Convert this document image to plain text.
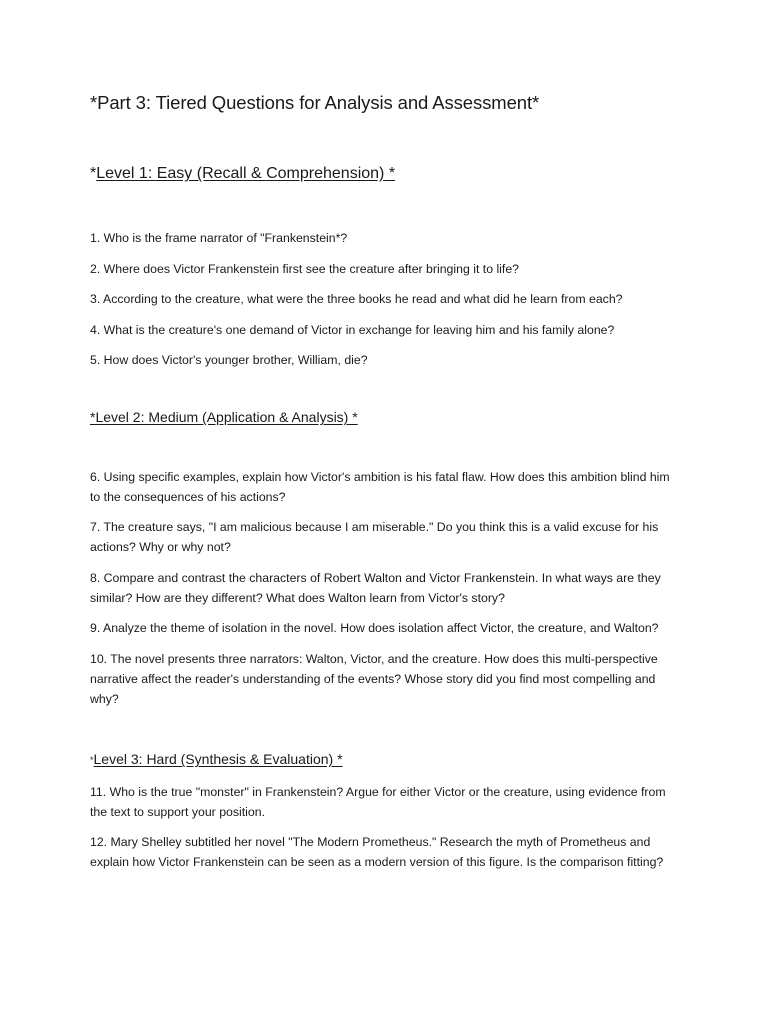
*Part 3: Tiered Questions for Analysis and Assessment*
*Level 1: Easy (Recall & Comprehension) *
1. Who is the frame narrator of "Frankenstein*?
2. Where does Victor Frankenstein first see the creature after bringing it to life?
3. According to the creature, what were the three books he read and what did he learn from each?
4. What is the creature's one demand of Victor in exchange for leaving him and his family alone?
5. How does Victor's younger brother, William, die?
*Level 2: Medium (Application & Analysis) *
6. Using specific examples, explain how Victor's ambition is his fatal flaw. How does this ambition blind him to the consequences of his actions?
7. The creature says, "I am malicious because I am miserable." Do you think this is a valid excuse for his actions? Why or why not?
8. Compare and contrast the characters of Robert Walton and Victor Frankenstein. In what ways are they similar? How are they different? What does Walton learn from Victor's story?
9. Analyze the theme of isolation in the novel. How does isolation affect Victor, the creature, and Walton?
10. The novel presents three narrators: Walton, Victor, and the creature. How does this multi-perspective narrative affect the reader's understanding of the events? Whose story did you find most compelling and why?
*Level 3: Hard (Synthesis & Evaluation) *
11. Who is the true "monster" in Frankenstein? Argue for either Victor or the creature, using evidence from the text to support your position.
12. Mary Shelley subtitled her novel "The Modern Prometheus." Research the myth of Prometheus and explain how Victor Frankenstein can be seen as a modern version of this figure. Is the comparison fitting?
